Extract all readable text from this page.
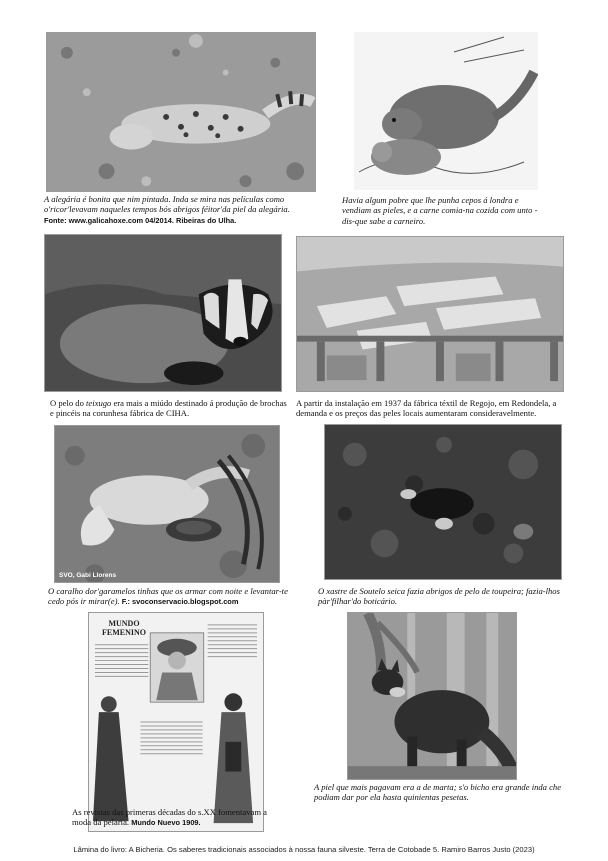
A alegária é bonita que nim pintada. Inda se mira nas películas como o'ricor'levavam naqueles tempos bós abrigos féitor'da piel da alegária.
Fonte: www.galicahoxe.com 04/2014. Ribeiras do Ulha.

Havia algum pobre que lhe punha cepos á londra e vendiam as pieles, e a carne comia-na cozida com unto -dis-que sabe a carneiro.

O pelo do teixugo era mais a miúdo destinado á produção de brochas e pincéis na corunhesa fábrica de CIHA.

A partir da instalação em 1937 da fábrica téxtil de Regojo, em Redondela, a demanda e os preços das peles locais aumentaram consideravelmente.

SVO, Gabi Llorens

O caralho dor'garamelos tinhas que os armar com noite e levantar-te cedo pós ir mirar(e). F.: svoconservacio.blogspot.com

O xastre de Soutelo seica fazia abrigos de pelo de toupeira; fazia-lhos pàr'filhar'do boticário.

MUNDO
FEMENINO

As revistas das primeras décadas do s.XX fomentavam a moda da pelaria. Mundo Nuevo 1909.

A piel que mais pagavam era a de marta; s'o bicho era grande inda che podiam dar por ela hasta quinientas pesetas.

Lâmina do livro: A Bicheria. Os saberes tradicionais associados à nossa fauna silveste. Terra de Cotobade 5. Ramiro Barros Justo (2023)
